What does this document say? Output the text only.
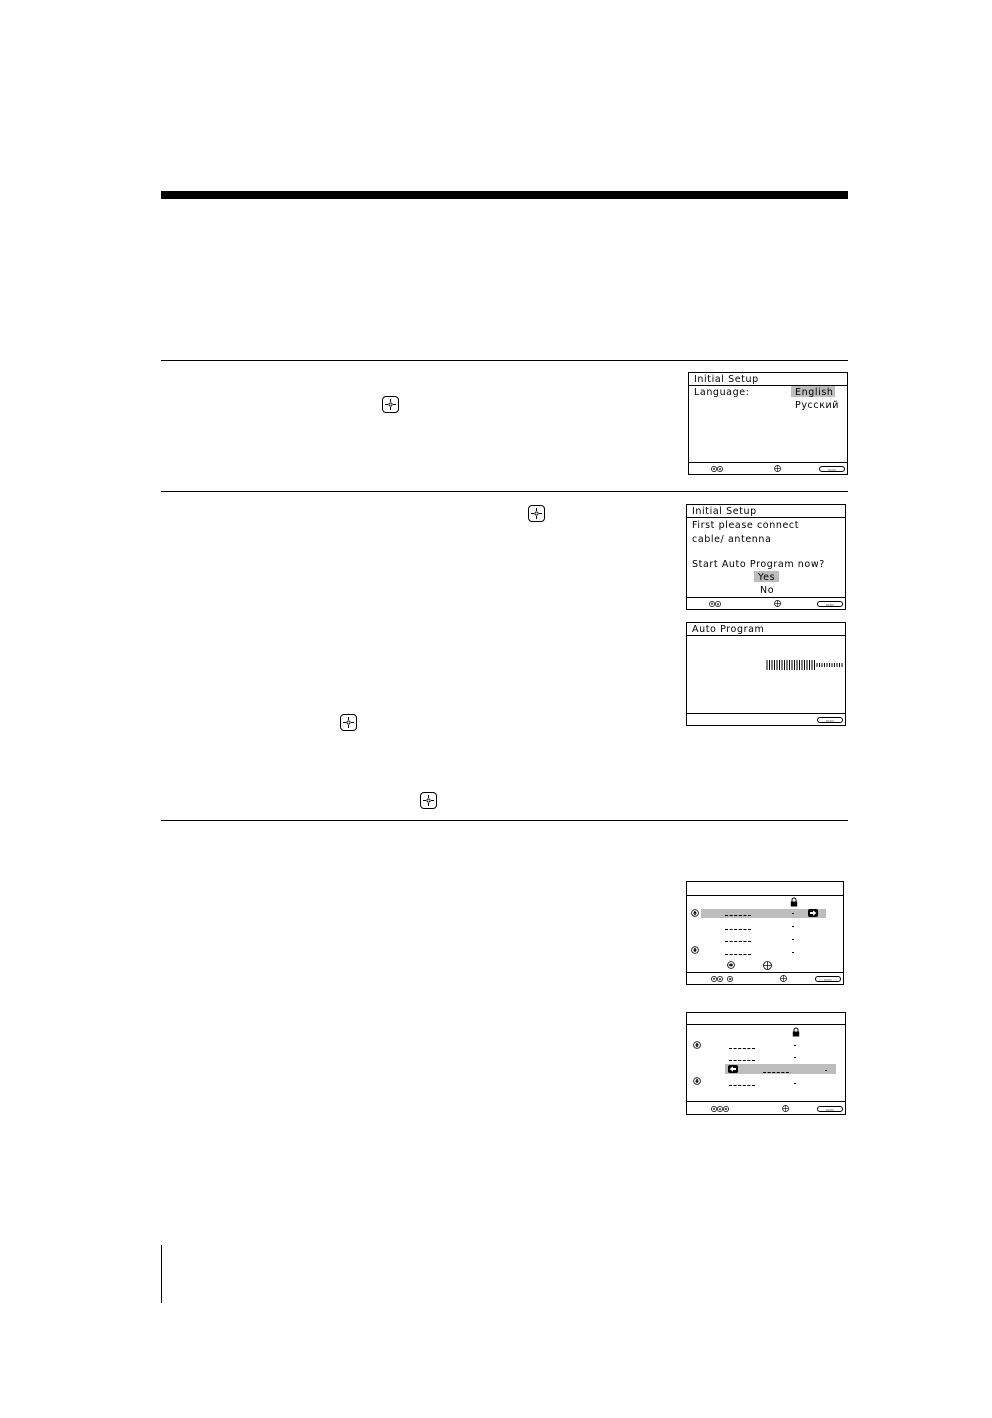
Initial Setup
Language:	English
Русский
▭▭
Initial Setup
First please connect
cable/ antenna
Start Auto Program now?
Yes
No
▭▭
Auto Program
▭▭
▭▭
▭▭
